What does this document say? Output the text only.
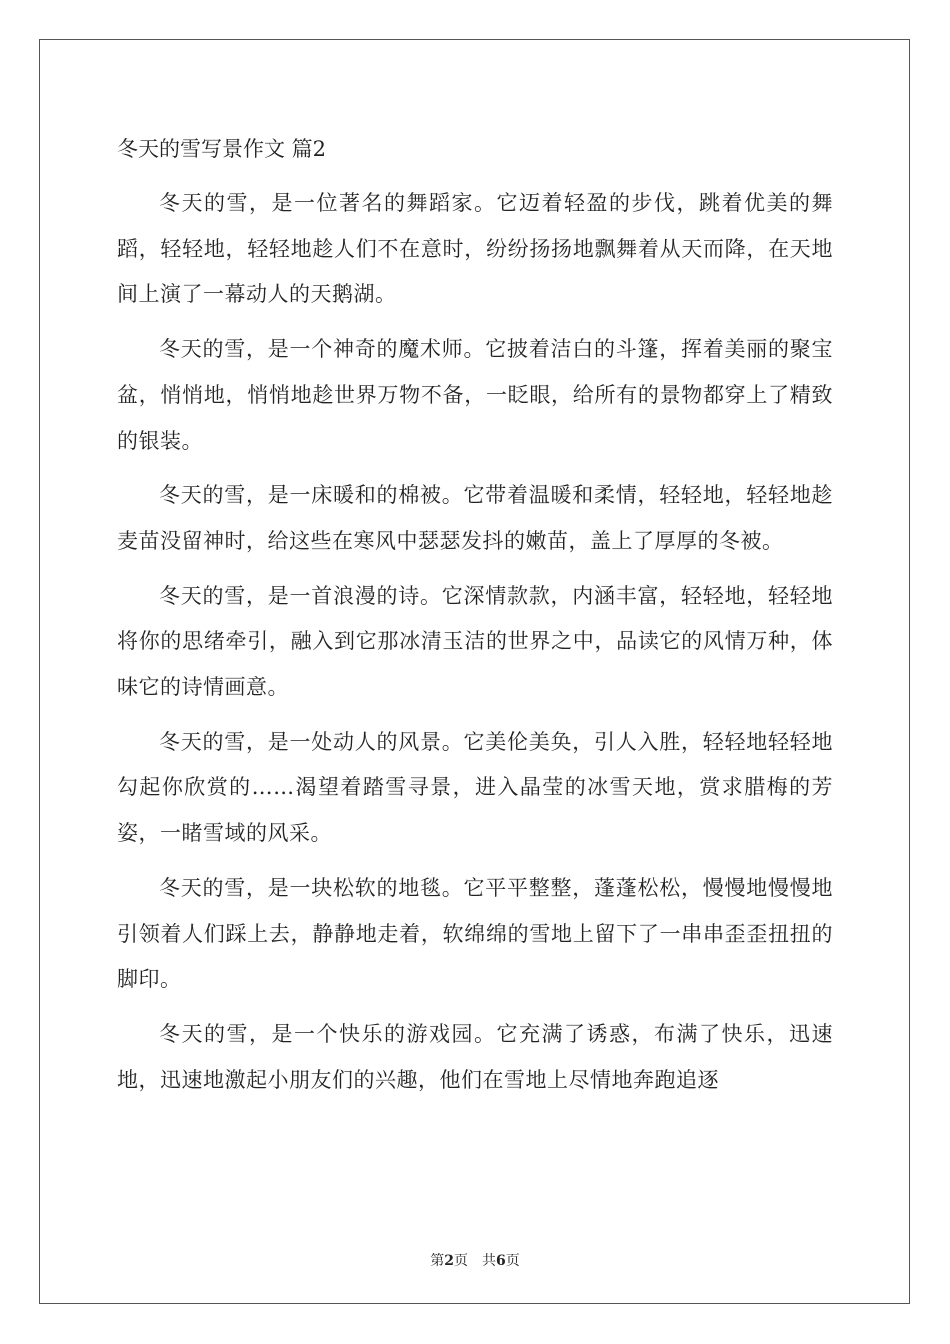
冬天的雪写景作文 篇2

冬天的雪，是一位著名的舞蹈家。它迈着轻盈的步伐，跳着优美的舞蹈，轻轻地，轻轻地趁人们不在意时，纷纷扬扬地飘舞着从天而降，在天地间上演了一幕动人的天鹅湖。

冬天的雪，是一个神奇的魔术师。它披着洁白的斗篷，挥着美丽的聚宝盆，悄悄地，悄悄地趁世界万物不备，一眨眼，给所有的景物都穿上了精致的银装。

冬天的雪，是一床暖和的棉被。它带着温暖和柔情，轻轻地，轻轻地趁麦苗没留神时，给这些在寒风中瑟瑟发抖的嫩苗，盖上了厚厚的冬被。

冬天的雪，是一首浪漫的诗。它深情款款，内涵丰富，轻轻地，轻轻地将你的思绪牵引，融入到它那冰清玉洁的世界之中，品读它的风情万种，体味它的诗情画意。

冬天的雪，是一处动人的风景。它美伦美奂，引人入胜，轻轻地轻轻地勾起你欣赏的……渴望着踏雪寻景，进入晶莹的冰雪天地，赏求腊梅的芳姿，一睹雪域的风采。

冬天的雪，是一块松软的地毯。它平平整整，蓬蓬松松，慢慢地慢慢地引领着人们踩上去，静静地走着，软绵绵的雪地上留下了一串串歪歪扭扭的脚印。

冬天的雪，是一个快乐的游戏园。它充满了诱惑，布满了快乐，迅速地，迅速地激起小朋友们的兴趣，他们在雪地上尽情地奔跑追逐

第2页 共6页
